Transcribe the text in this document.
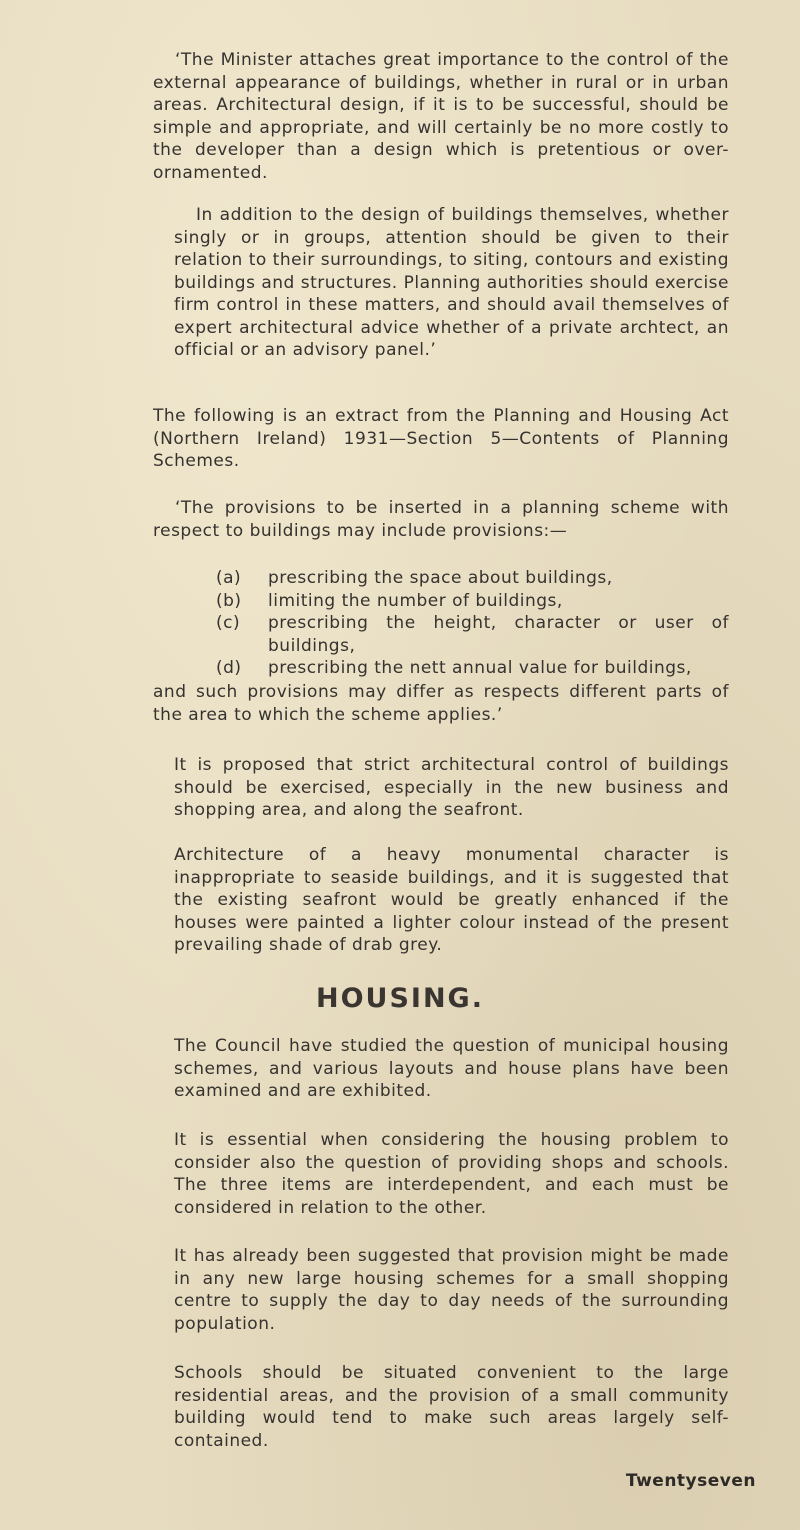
‘The Minister attaches great importance to the control of the external appearance of buildings, whether in rural or in urban areas. Architectural design, if it is to be successful, should be simple and appropriate, and will certainly be no more costly to the developer than a design which is pretentious or over-ornamented.

In addition to the design of buildings themselves, whether singly or in groups, attention should be given to their relation to their surroundings, to siting, contours and existing buildings and structures. Planning authorities should exercise firm control in these matters, and should avail themselves of expert architectural advice whether of a private archtect, an official or an advisory panel.’

The following is an extract from the Planning and Housing Act (Northern Ireland) 1931—Section 5—Contents of Planning Schemes.

‘The provisions to be inserted in a planning scheme with respect to buildings may include provisions:—

(a)	prescribing the space about buildings,
(b)	limiting the number of buildings,
(c)	prescribing the height, character or user of buildings,
(d)	prescribing the nett annual value for buildings,

and such provisions may differ as respects different parts of the area to which the scheme applies.’

It is proposed that strict architectural control of buildings should be exercised, especially in the new business and shopping area, and along the seafront.

Architecture of a heavy monumental character is inappropriate to seaside buildings, and it is suggested that the existing seafront would be greatly enhanced if the houses were painted a lighter colour instead of the present prevailing shade of drab grey.

HOUSING.

The Council have studied the question of municipal housing schemes, and various layouts and house plans have been examined and are exhibited.

It is essential when considering the housing problem to consider also the question of providing shops and schools. The three items are interdependent, and each must be considered in relation to the other.

It has already been suggested that provision might be made in any new large housing schemes for a small shopping centre to supply the day to day needs of the surrounding population.

Schools should be situated convenient to the large residential areas, and the provision of a small community building would tend to make such areas largely self-contained.

Twentyseven
